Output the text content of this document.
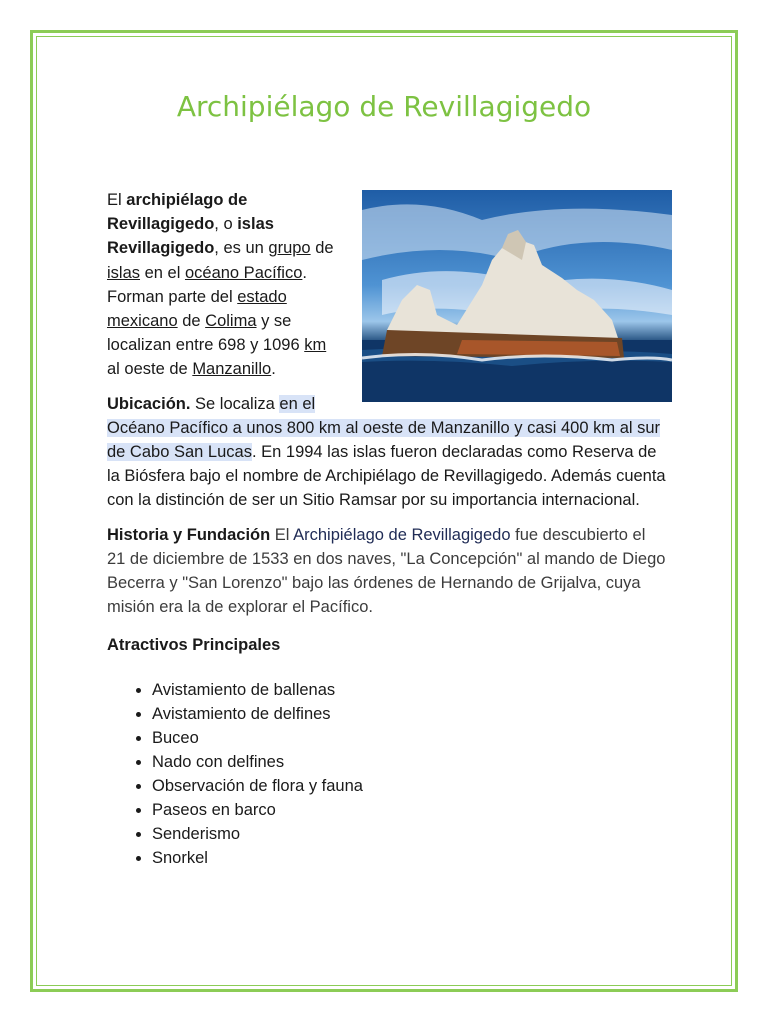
Archipiélago de Revillagigedo

El archipiélago de Revillagigedo, o islas Revillagigedo, es un grupo de islas en el océano Pacífico. Forman parte del estado mexicano de Colima y se localizan entre 698 y 1096 km al oeste de Manzanillo.

Ubicación. Se localiza en el Océano Pacífico a unos 800 km al oeste de Manzanillo y casi 400 km al sur de Cabo San Lucas. En 1994 las islas fueron declaradas como Reserva de la Biósfera bajo el nombre de Archipiélago de Revillagigedo. Además cuenta con la distinción de ser un Sitio Ramsar por su importancia internacional.

Historia y Fundación El Archipiélago de Revillagigedo fue descubierto el 21 de diciembre de 1533 en dos naves, "La Concepción" al mando de Diego Becerra y "San Lorenzo" bajo las órdenes de Hernando de Grijalva, cuya misión era la de explorar el Pacífico.

Atractivos Principales

• Avistamiento de ballenas
• Avistamiento de delfines
• Buceo
• Nado con delfines
• Observación de flora y fauna
• Paseos en barco
• Senderismo
• Snorkel
